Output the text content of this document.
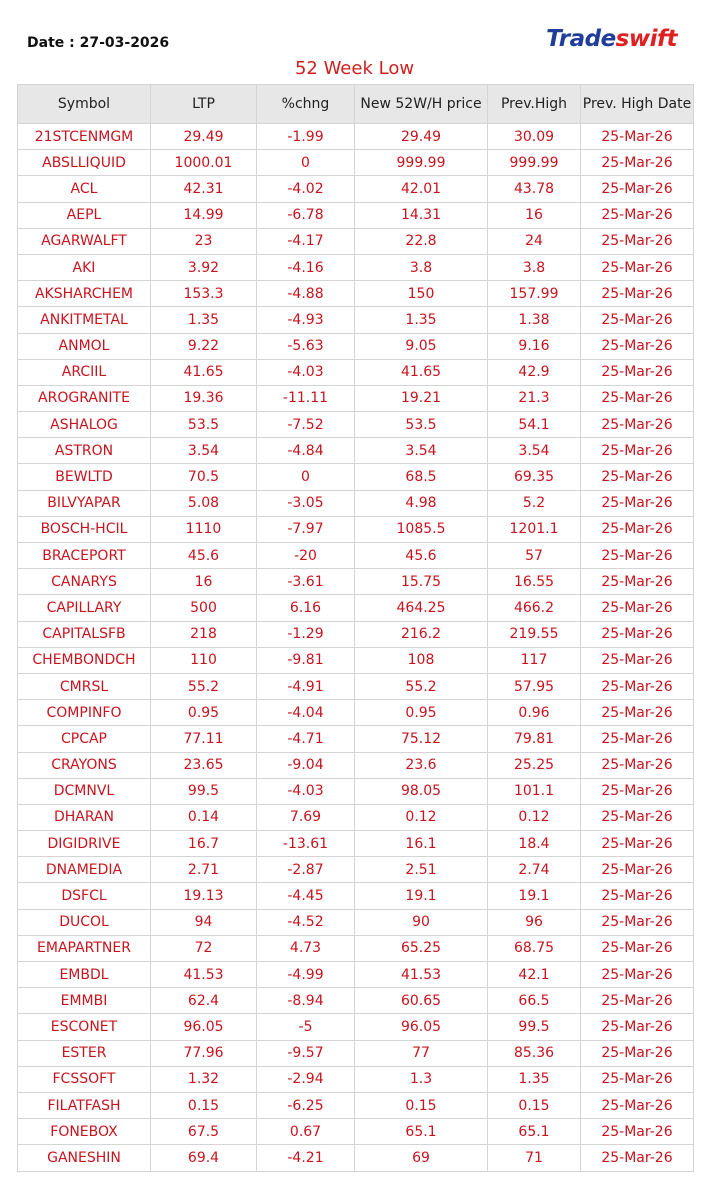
Date : 27-03-2026	Tradeswift
52 Week Low
Symbol	LTP	%chng	New 52W/H price	Prev.High	Prev. High Date
21STCENMGM	29.49	-1.99	29.49	30.09	25-Mar-26
ABSLLIQUID	1000.01	0	999.99	999.99	25-Mar-26
ACL	42.31	-4.02	42.01	43.78	25-Mar-26
AEPL	14.99	-6.78	14.31	16	25-Mar-26
AGARWALFT	23	-4.17	22.8	24	25-Mar-26
AKI	3.92	-4.16	3.8	3.8	25-Mar-26
AKSHARCHEM	153.3	-4.88	150	157.99	25-Mar-26
ANKITMETAL	1.35	-4.93	1.35	1.38	25-Mar-26
ANMOL	9.22	-5.63	9.05	9.16	25-Mar-26
ARCIIL	41.65	-4.03	41.65	42.9	25-Mar-26
AROGRANITE	19.36	-11.11	19.21	21.3	25-Mar-26
ASHALOG	53.5	-7.52	53.5	54.1	25-Mar-26
ASTRON	3.54	-4.84	3.54	3.54	25-Mar-26
BEWLTD	70.5	0	68.5	69.35	25-Mar-26
BILVYAPAR	5.08	-3.05	4.98	5.2	25-Mar-26
BOSCH-HCIL	1110	-7.97	1085.5	1201.1	25-Mar-26
BRACEPORT	45.6	-20	45.6	57	25-Mar-26
CANARYS	16	-3.61	15.75	16.55	25-Mar-26
CAPILLARY	500	6.16	464.25	466.2	25-Mar-26
CAPITALSFB	218	-1.29	216.2	219.55	25-Mar-26
CHEMBONDCH	110	-9.81	108	117	25-Mar-26
CMRSL	55.2	-4.91	55.2	57.95	25-Mar-26
COMPINFO	0.95	-4.04	0.95	0.96	25-Mar-26
CPCAP	77.11	-4.71	75.12	79.81	25-Mar-26
CRAYONS	23.65	-9.04	23.6	25.25	25-Mar-26
DCMNVL	99.5	-4.03	98.05	101.1	25-Mar-26
DHARAN	0.14	7.69	0.12	0.12	25-Mar-26
DIGIDRIVE	16.7	-13.61	16.1	18.4	25-Mar-26
DNAMEDIA	2.71	-2.87	2.51	2.74	25-Mar-26
DSFCL	19.13	-4.45	19.1	19.1	25-Mar-26
DUCOL	94	-4.52	90	96	25-Mar-26
EMAPARTNER	72	4.73	65.25	68.75	25-Mar-26
EMBDL	41.53	-4.99	41.53	42.1	25-Mar-26
EMMBI	62.4	-8.94	60.65	66.5	25-Mar-26
ESCONET	96.05	-5	96.05	99.5	25-Mar-26
ESTER	77.96	-9.57	77	85.36	25-Mar-26
FCSSOFT	1.32	-2.94	1.3	1.35	25-Mar-26
FILATFASH	0.15	-6.25	0.15	0.15	25-Mar-26
FONEBOX	67.5	0.67	65.1	65.1	25-Mar-26
GANESHIN	69.4	-4.21	69	71	25-Mar-26
